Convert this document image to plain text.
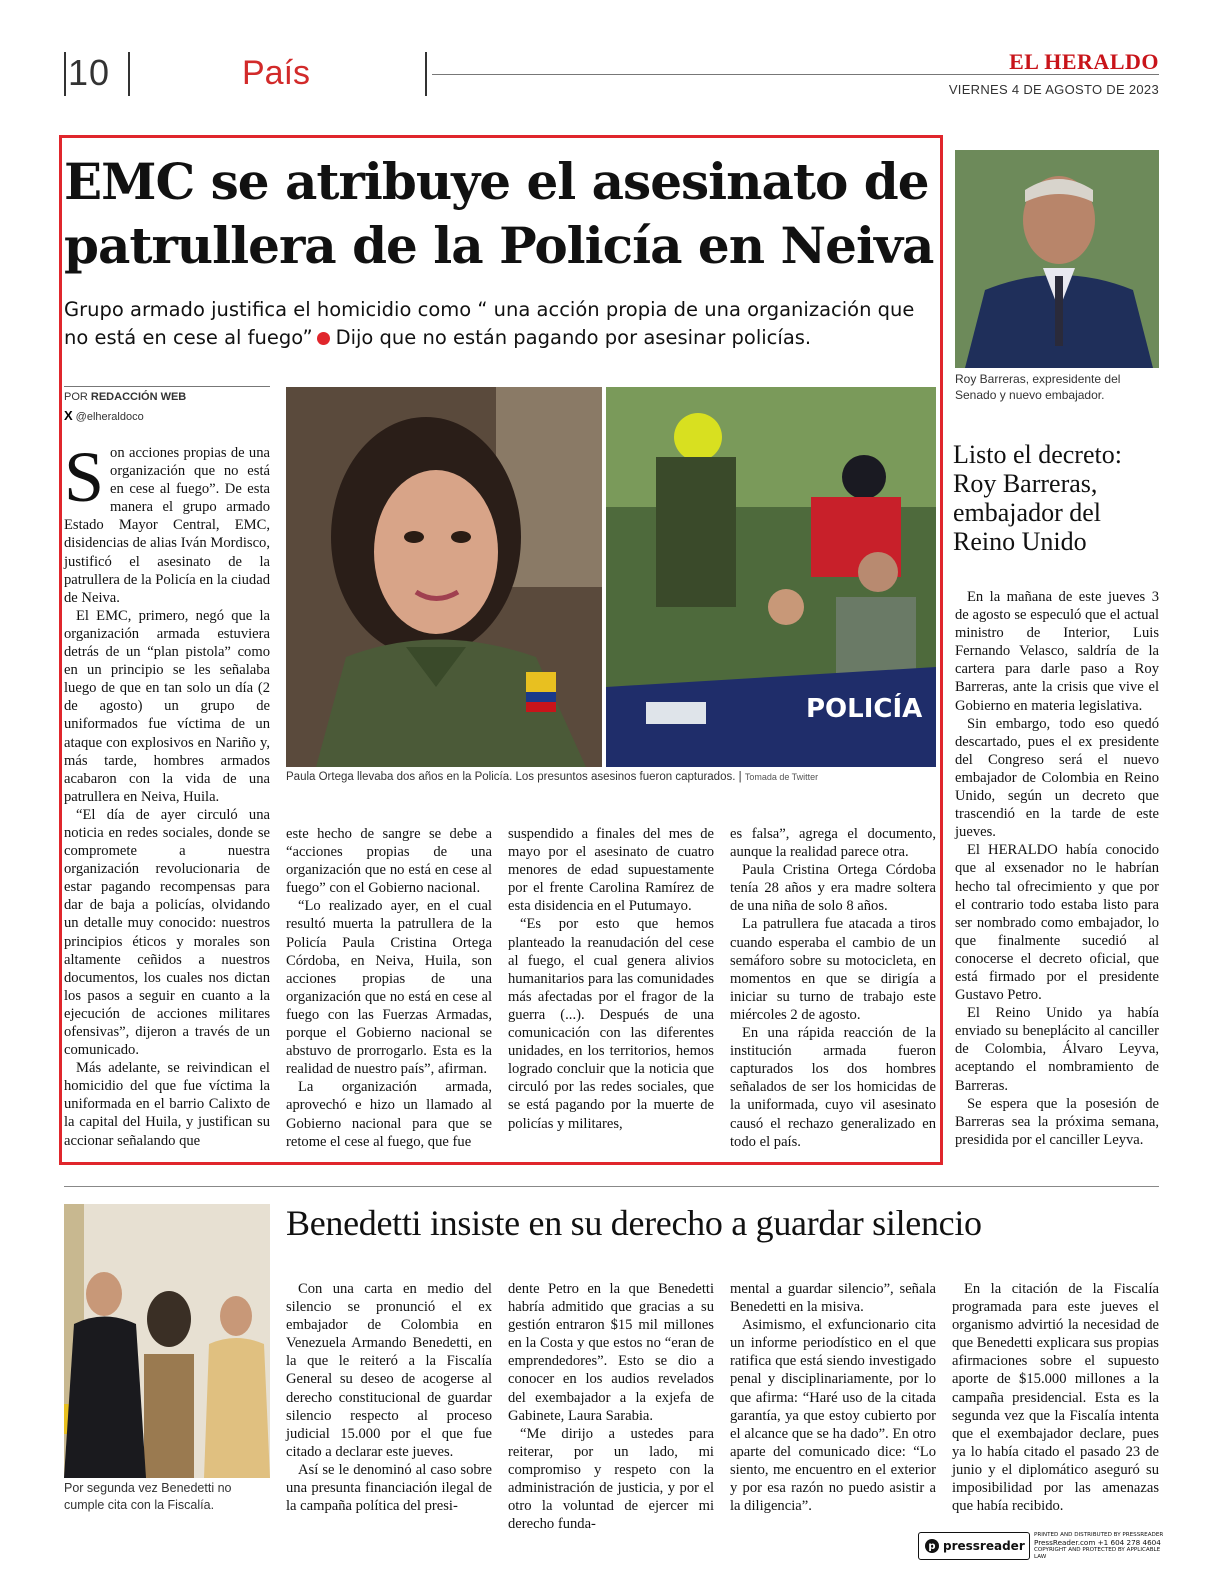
10	País	EL HERALDO
VIERNES 4 DE AGOSTO DE 2023
EMC se atribuye el asesinato de patrullera de la Policía en Neiva
Grupo armado justifica el homicidio como “ una acción propia de una organización que no está en cese al fuego” Dijo que no están pagando por asesinar policías.
POR REDACCIÓN WEB
X @elheraldoco
POLICÍA
Paula Ortega llevaba dos años en la Policía. Los presuntos asesinos fueron capturados. | Tomada de Twitter

Son acciones propias de una organización que no está en cese al fuego”. De esta manera el grupo armado Estado Mayor Central, EMC, disidencias de alias Iván Mordisco, justificó el asesinato de la patrullera de la Policía en la ciudad de Neiva.

El EMC, primero, negó que la organización armada estuviera detrás de un “plan pistola” como en un principio se les señalaba luego de que en tan solo un día (2 de agosto) un grupo de uniformados fue víctima de un ataque con explosivos en Nariño y, más tarde, hombres armados acabaron con la vida de una patrullera en Neiva, Huila.

“El día de ayer circuló una noticia en redes sociales, donde se compromete a nuestra organización revolucionaria de estar pagando recompensas para dar de baja a policías, olvidando un detalle muy conocido: nuestros principios éticos y morales son altamente ceñidos a nuestros documentos, los cuales nos dictan los pasos a seguir en cuanto a la ejecución de acciones militares ofensivas”, dijeron a través de un comunicado.

Más adelante, se reivindican el homicidio del que fue víctima la uniformada en el barrio Calixto de la capital del Huila, y justifican su accionar señalando que

este hecho de sangre se debe a “acciones propias de una organización que no está en cese al fuego” con el Gobierno nacional.

“Lo realizado ayer, en el cual resultó muerta la patrullera de la Policía Paula Cristina Ortega Córdoba, en Neiva, Huila, son acciones propias de una organización que no está en cese al fuego con las Fuerzas Armadas, porque el Gobierno nacional se abstuvo de prorrogarlo. Esta es la realidad de nuestro país”, afirman.

La organización armada, aprovechó e hizo un llamado al Gobierno nacional para que se retome el cese al fuego, que fue

suspendido a finales del mes de mayo por el asesinato de cuatro menores de edad supuestamente por el frente Carolina Ramírez de esta disidencia en el Putumayo.

“Es por esto que hemos planteado la reanudación del cese al fuego, el cual genera alivios humanitarios para las comunidades más afectadas por el fragor de la guerra (...). Después de una comunicación con las diferentes unidades, en los territorios, hemos logrado concluir que la noticia que circuló por las redes sociales, que se está pagando por la muerte de policías y militares,

es falsa”, agrega el documento, aunque la realidad parece otra.

Paula Cristina Ortega Córdoba tenía 28 años y era madre soltera de una niña de solo 8 años.

La patrullera fue atacada a tiros cuando esperaba el cambio de un semáforo sobre su motocicleta, en momentos en que se dirigía a iniciar su turno de trabajo este miércoles 2 de agosto.

En una rápida reacción de la institución armada fueron capturados los dos hombres señalados de ser los homicidas de la uniformada, cuyo vil asesinato causó el rechazo generalizado en todo el país.

Roy Barreras, expresidente del Senado y nuevo embajador.
Listo el decreto: Roy Barreras, embajador del Reino Unido

En la mañana de este jueves 3 de agosto se especuló que el actual ministro de Interior, Luis Fernando Velasco, saldría de la cartera para darle paso a Roy Barreras, ante la crisis que vive el Gobierno en materia legislativa.

Sin embargo, todo eso quedó descartado, pues el ex presidente del Congreso será el nuevo embajador de Colombia en Reino Unido, según un decreto que trascendió en la tarde de este jueves.

El HERALDO había conocido que al exsenador no le habrían hecho tal ofrecimiento y que por el contrario todo estaba listo para ser nombrado como embajador, lo que finalmente sucedió al conocerse el decreto oficial, que está firmado por el presidente Gustavo Petro.

El Reino Unido ya había enviado su beneplácito al canciller de Colombia, Álvaro Leyva, aceptando el nombramiento de Barreras.

Se espera que la posesión de Barreras sea la próxima semana, presidida por el canciller Leyva.

Por segunda vez Benedetti no cumple cita con la Fiscalía.
Benedetti insiste en su derecho a guardar silencio

Con una carta en medio del silencio se pronunció el ex embajador de Colombia en Venezuela Armando Benedetti, en la que le reiteró a la Fiscalía General su deseo de acogerse al derecho constitucional de guardar silencio respecto al proceso judicial 15.000 por el que fue citado a declarar este jueves.

Así se le denominó al caso sobre una presunta financiación ilegal de la campaña política del presi-

dente Petro en la que Benedetti habría admitido que gracias a su gestión entraron $15 mil millones en la Costa y que estos no “eran de emprendedores”. Esto se dio a conocer en los audios revelados del exembajador a la exjefa de Gabinete, Laura Sarabia.

“Me dirijo a ustedes para reiterar, por un lado, mi compromiso y respeto con la administración de justicia, y por el otro la voluntad de ejercer mi derecho funda-

mental a guardar silencio”, señala Benedetti en la misiva.

Asimismo, el exfuncionario cita un informe periodístico en el que ratifica que está siendo investigado penal y disciplinariamente, por lo que afirma: “Haré uso de la citada garantía, ya que estoy cubierto por el alcance que se ha dado”. En otro aparte del comunicado dice: “Lo siento, me encuentro en el exterior y por esa razón no puedo asistir a la diligencia”.

En la citación de la Fiscalía programada para este jueves el organismo advirtió la necesidad de que Benedetti explicara sus propias afirmaciones sobre el supuesto aporte de $15.000 millones a la campaña presidencial. Esta es la segunda vez que la Fiscalía intenta que el exembajador declare, pues ya lo había citado el pasado 23 de junio y el diplomático aseguró su imposibilidad por las amenazas que había recibido.

p pressreader
PRINTED AND DISTRIBUTED BY PRESSREADER
PressReader.com +1 604 278 4604
COPYRIGHT AND PROTECTED BY APPLICABLE LAW
